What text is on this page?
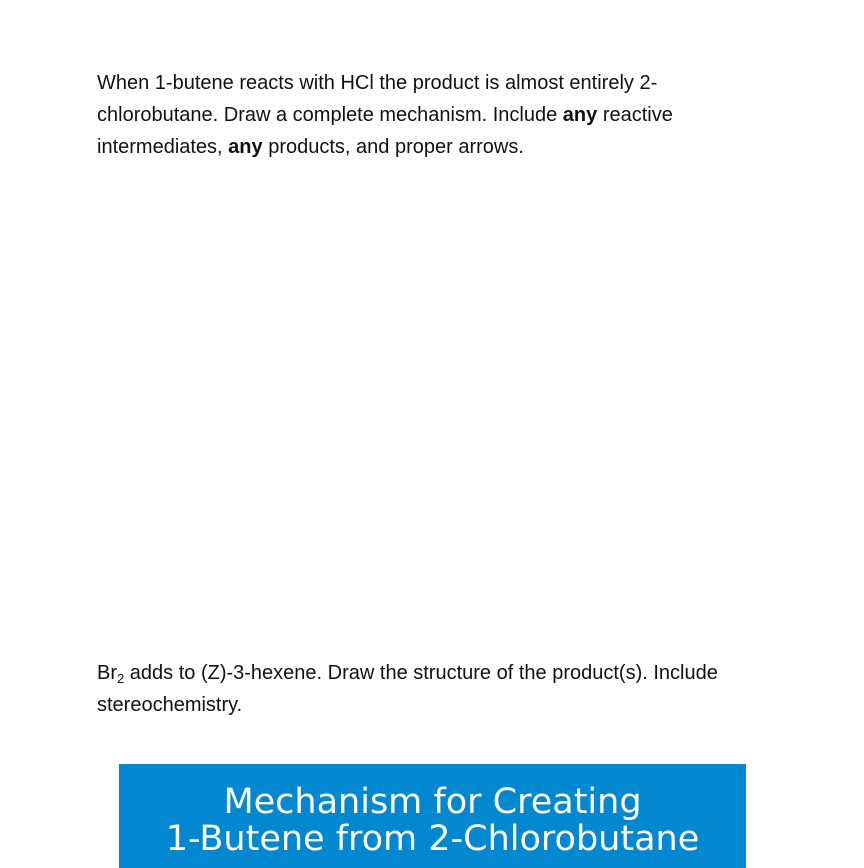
When 1-butene reacts with HCl the product is almost entirely 2-chlorobutane. Draw a complete mechanism. Include any reactive intermediates, any products, and proper arrows.

$Br_2$ adds to (Z)-3-hexene. Draw the structure of the product(s). Include stereochemistry.

Mechanism for Creating
1-Butene from 2-Chlorobutane
